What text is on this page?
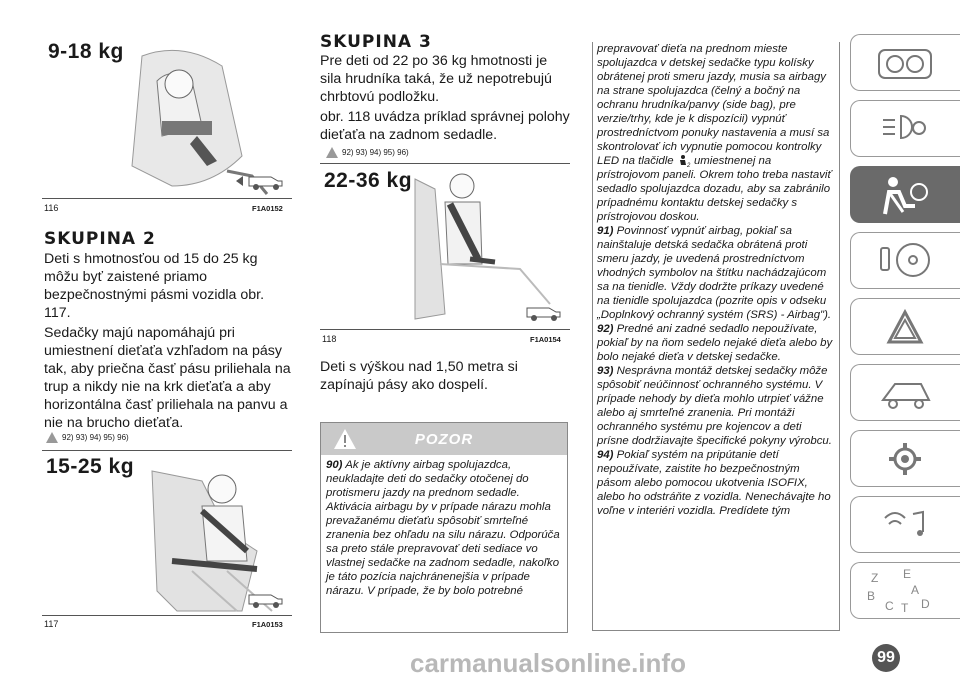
9-18 kg
116	F1A0152
SKUPINA 2

Deti s hmotnosťou od 15 do 25 kg môžu byť zaistené priamo bezpečnostnými pásmi vozidla obr. 117.

Sedačky majú napomáhajú pri umiestnení dieťaťa vzhľadom na pásy tak, aby priečna časť pásu priliehala na trup a nikdy nie na krk dieťaťa a aby horizontálna časť priliehala na panvu a nie na brucho dieťaťa.

92) 93) 94) 95) 96)
15-25 kg
117	F1A0153
SKUPINA 3

Pre deti od 22 po 36 kg hmotnosti je sila hrudníka taká, že už nepotrebujú chrbtovú podložku.

obr. 118 uvádza príklad správnej polohy dieťaťa na zadnom sedadle.

92) 93) 94) 95) 96)
22-36 kg
118	F1A0154
Deti s výškou nad 1,50 metra si zapínajú pásy ako dospelí.
POZOR
90) Ak je aktívny airbag spolujazdca, neukladajte deti do sedačky otočenej do protismeru jazdy na prednom sedadle. Aktivácia airbagu by v prípade nárazu mohla prevažanému dieťaťu spôsobiť smrteľné zranenia bez ohľadu na silu nárazu. Odporúča sa preto stále prepravovať deti sediace vo vlastnej sedačke na zadnom sedadle, nakoľko je táto pozícia najchránenejšia v prípade nárazu. V prípade, že by bolo potrebné

prepravovať dieťa na prednom mieste spolujazdca v detskej sedačke typu kolísky obrátenej proti smeru jazdy, musia sa airbagy na strane spolujazdca (čelný a bočný na ochranu hrudníka/panvy (side bag), pre verzie/trhy, kde je k dispozícii) vypnúť prostredníctvom ponuky nastavenia a musí sa skontrolovať ich vypnutie pomocou kontrolky LED na tlačidle 2 umiestnenej na prístrojovom paneli. Okrem toho treba nastaviť sedadlo spolujazdca dozadu, aby sa zabránilo prípadnému kontaktu detskej sedačky s prístrojovou doskou.

91) Povinnosť vypnúť airbag, pokiaľ sa nainštaluje detská sedačka obrátená proti smeru jazdy, je uvedená prostredníctvom vhodných symbolov na štítku nachádzajúcom sa na tienidle. Vždy dodržte príkazy uvedené na tienidle spolujazdca (pozrite opis v odseku „Doplnkový ochranný systém (SRS) - Airbag").

92) Predné ani zadné sedadlo nepoužívate, pokiaľ by na ňom sedelo nejaké dieťa alebo by bolo nejaké dieťa v detskej sedačke.

93) Nesprávna montáž detskej sedačky môže spôsobiť neúčinnosť ochranného systému. V prípade nehody by dieťa mohlo utrpieť vážne alebo aj smrteľné zranenia. Pri montáži ochranného systému pre kojencov a deti prísne dodržiavajte špecifické pokyny výrobcu.

94) Pokiaľ systém na pripútanie detí nepoužívate, zaistite ho bezpečnostným pásom alebo pomocou ukotvenia ISOFIX, alebo ho odstráňte z vozidla. Nenechávajte ho voľne v interiéri vozidla. Predídete tým

Z E
A
B
C T D
99
carmanualsonline.info
